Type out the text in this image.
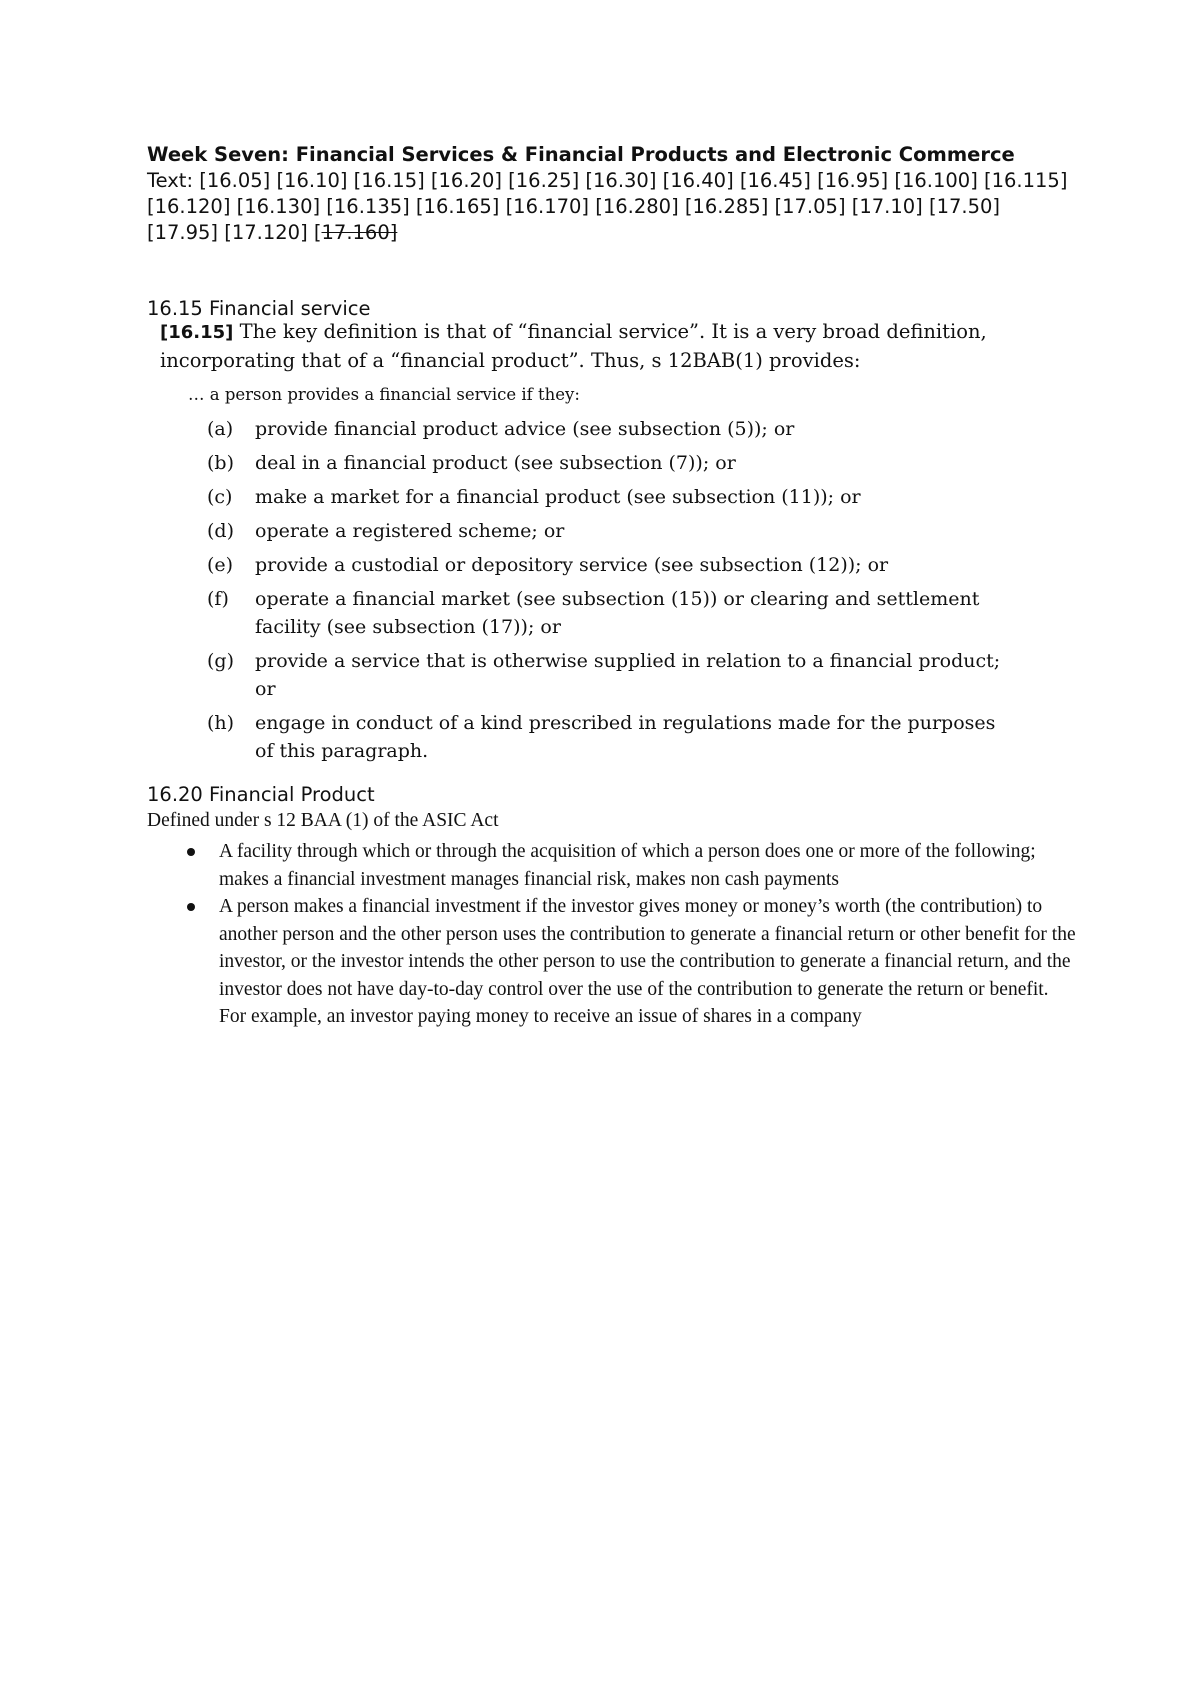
Week Seven: Financial Services & Financial Products and Electronic Commerce
Text: [16.05] [16.10] [16.15] [16.20] [16.25] [16.30] [16.40] [16.45] [16.95] [16.100] [16.115] [16.120] [16.130] [16.135] [16.165] [16.170] [16.280] [16.285] [17.05] [17.10] [17.50] [17.95] [17.120] [17.160]
16.15 Financial service
[16.15] The key definition is that of “financial service”. It is a very broad definition, incorporating that of a “financial product”. Thus, s 12BAB(1) provides:
… a person provides a financial service if they:
(a)	provide financial product advice (see subsection (5)); or
(b)	deal in a financial product (see subsection (7)); or
(c)	make a market for a financial product (see subsection (11)); or
(d)	operate a registered scheme; or
(e)	provide a custodial or depository service (see subsection (12)); or
(f)	operate a financial market (see subsection (15)) or clearing and settlement facility (see subsection (17)); or
(g)	provide a service that is otherwise supplied in relation to a financial product; or
(h)	engage in conduct of a kind prescribed in regulations made for the purposes of this paragraph.
16.20 Financial Product
Defined under s 12 BAA (1) of the ASIC Act
A facility through which or through the acquisition of which a person does one or more of the following; makes a financial investment manages financial risk, makes non cash payments
A person makes a financial investment if the investor gives money or money’s worth (the contribution) to another person and the other person uses the contribution to generate a financial return or other benefit for the investor, or the investor intends the other person to use the contribution to generate a financial return, and the investor does not have day-to-day control over the use of the contribution to generate the return or benefit. For example, an investor paying money to receive an issue of shares in a company
